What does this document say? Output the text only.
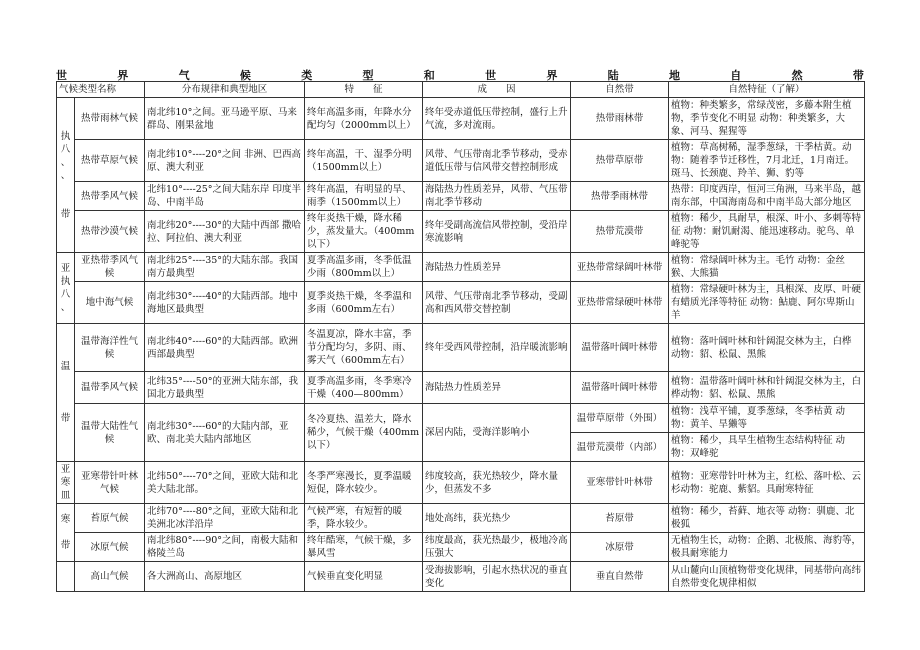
世	界	气	候	类	型	和	世	界	陆	地	自	然	带
气候类型名称		分布规律和典型地区	特　　征	成　　因	自然带	自然特征（了解）

执
八
、
、

带	热带雨林气候	南北纬10°之间。亚马逊平原、马来群岛、刚果盆地	终年高温多雨，年降水分配均匀（2000mm以上）	终年受赤道低压带控制，盛行上升气流，多对流雨。	热带雨林带	植物：种类繁多，常绿茂密，多藤本附生植物，季节变化不明显 动物：种类繁多，大象、河马、猩猩等
	热带草原气候	南北纬10°----20°之间 非洲、巴西高原、澳大利亚	终年高温，干、湿季分明（1500mm以上）	风带、气压带南北季节移动，受赤道低压带与信风带交替控制形成	热带草原带	植物：草高树稀，湿季葱绿，干季枯黄。动物：随着季节迁移性，7月北迁，1月南迁。斑马、长颈鹿、羚羊、狮、豹等
	热带季风气候	北纬10°----25°之间大陆东岸 印度半岛、中南半岛	终年高温，有明显的旱、雨季（1500mm以上）	海陆热力性质差异，风带、气压带南北季节移动	热带季雨林带	热带：印度西岸，恒河三角洲，马来半岛，越南东部，中国海南岛和中南半岛大部分地区
	热带沙漠气候	南北纬20°----30°的大陆中西部 撒哈拉、阿拉伯、澳大利亚	终年炎热干燥，降水稀少，蒸发量大。（400mm以下）	终年受副高流信风带控制，受沿岸寒流影响	热带荒漠带	植物：稀少，具耐旱，根深、叶小、多刺等特征 动物：耐饥耐渴、能迅速移动。驼鸟、单峰驼等

亚
执
八
、	亚热带季风气候	南北纬25°----35°的大陆东部。我国南方最典型	夏季高温多雨，冬季低温少雨（800mm以上）	海陆热力性质差异	亚热带常绿阔叶林带	植物：常绿阔叶林为主。毛竹 动物：金丝猴、大熊猫
	地中海气候	南北纬30°----40°的大陆西部。地中海地区最典型	夏季炎热干燥，冬季温和多雨（600mm左右）	风带、气压带南北季节移动，受副高和西风带交替控制	亚热带常绿硬叶林带	植物：常绿硬叶林为主，具根深、皮厚、叶硬有蜡质光泽等特征 动物：鮎鹿、阿尔卑斯山羊

温

带	温带海洋性气候	南北纬40°----60°的大陆西部。欧洲西部最典型	冬温夏凉，降水丰富，季节分配均匀，多阴、雨、雾天气（600mm左右）	终年受西风带控制，沿岸暖流影响	温带落叶阔叶林带	植物：落叶阔叶林和针阔混交林为主，白桦 动物：貂、松鼠、黑熊
	温带季风气候	北纬35°----50°的亚洲大陆东部，我国北方最典型	夏季高温多雨，冬季寒冷干燥（400—800mm）	海陆热力性质差异	温带落叶阔叶林带	植物：温带落叶阔叶林和针阔混交林为主，白桦动物：貂、松鼠、黑熊
	温带大陆性气候	南北纬30°----60°的大陆内部，亚欧、南北美大陆内部地区	冬冷夏热、温差大，降水稀少，气候干燥（400mm以下）	深居内陆，受海洋影响小	温带草原带（外围）	植物：浅草平铺，夏季葱绿，冬季枯黄 动物：黄羊、旱獭等
					温带荒漠带（内部）	植物：稀少，具旱生植物生态结构特征 动物：双峰驼
亚寒皿	亚寒带针叶林气候	北纬50°----70°之间，亚欧大陆和北美大陆北部。	冬季严寒漫长，夏季温暖短促，降水较少。	纬度较高，获光热较少，降水量少，但蒸发不多	亚寒带针叶林带	植物：亚寒带针叶林为主，红松、落叶松、云杉动物：驼鹿、紫貂。具耐寒特征

寒

带	苔原气候	北纬70°----80°之间，亚欧大陆和北美洲北冰洋沿岸	气候严寒，有短暂的暖季，降水较少。	地处高纬，获光热少	苔原带	植物：稀少，苔藓、地衣等 动物：驯鹿、北极狐
	冰原气候	南北纬80°----90°之间，南极大陆和格陵兰岛	终年酷寒，气候干燥，多暴风雪	纬度最高，获光热最少，极地冷高压强大	冰原带	无植物生长，动物：企鹅、北极熊、海豹等，极具耐寒能力
	高山气候	各大洲高山、高原地区	气候垂直变化明显	受海拔影响，引起水热状况的垂直变化	垂直自然带	从山麓向山顶植物带变化规律，同基带向高纬自然带变化规律相似
